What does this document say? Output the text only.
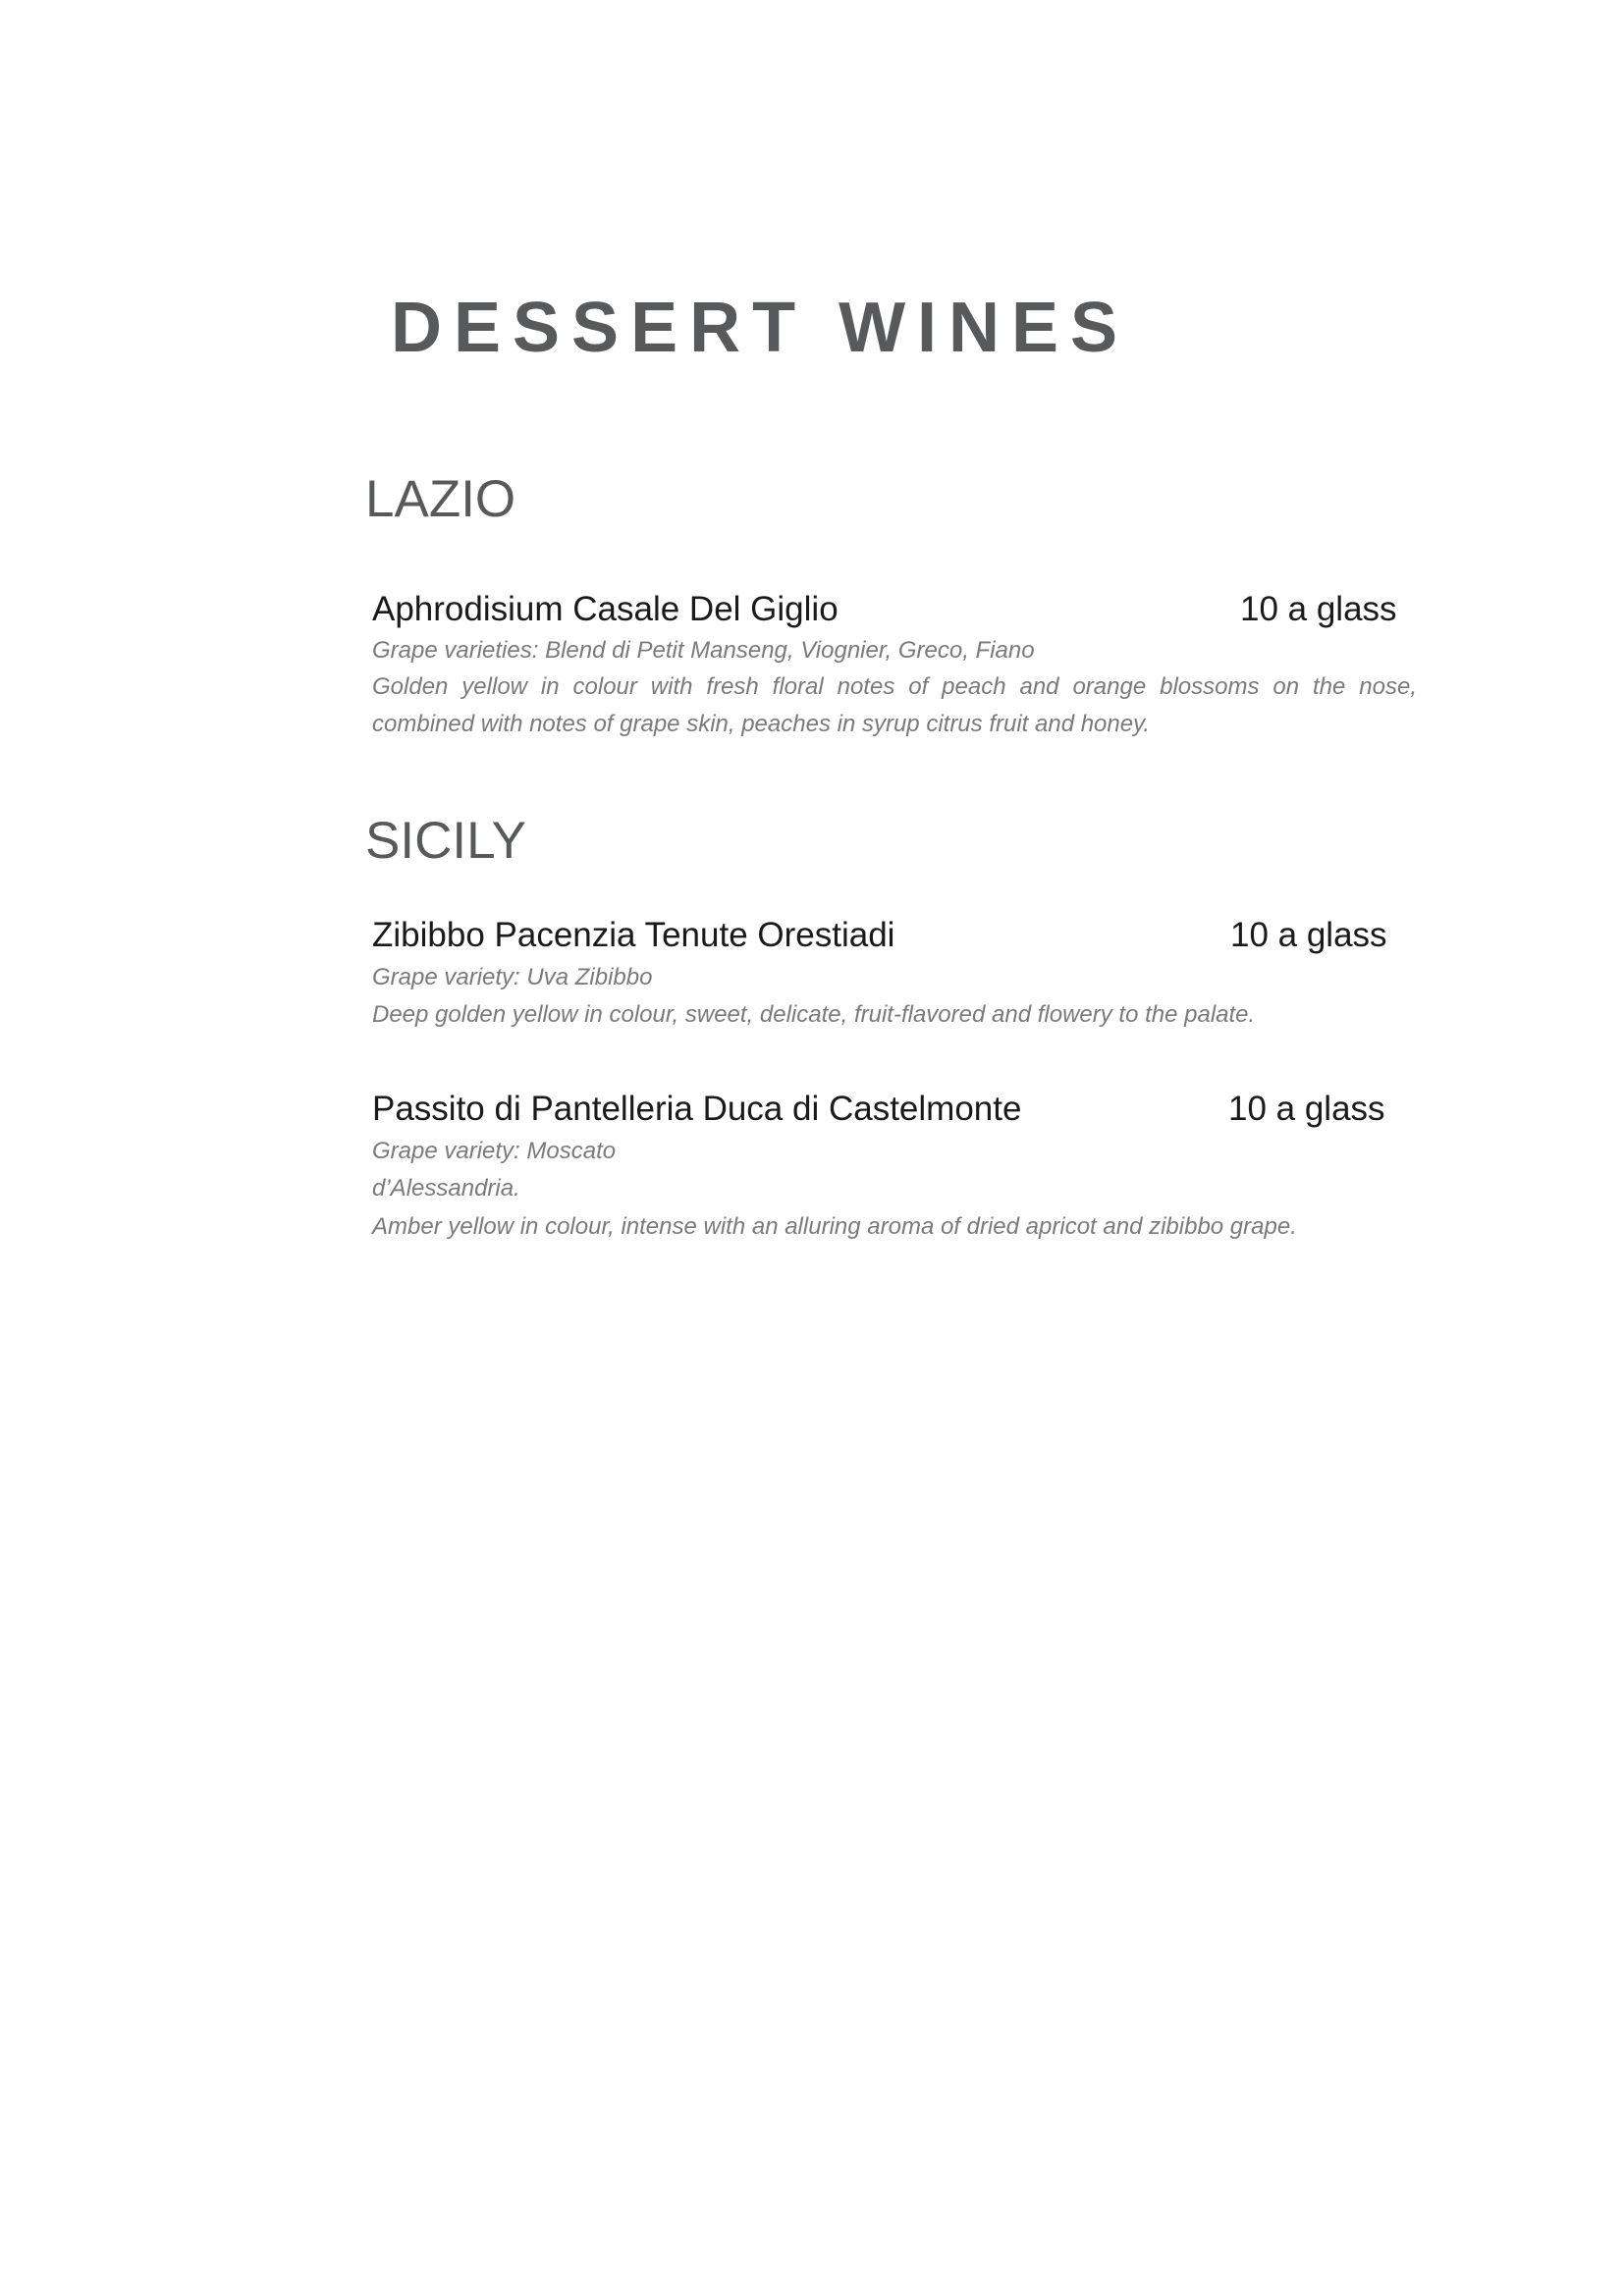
DESSERT WINES
LAZIO
Aphrodisium Casale Del Giglio	10 a glass
Grape varieties: Blend di Petit Manseng, Viognier, Greco, Fiano
Golden yellow in colour with fresh floral notes of peach and orange blossoms on the nose,
combined with notes of grape skin, peaches in syrup citrus fruit and honey.
SICILY
Zibibbo Pacenzia Tenute Orestiadi	10 a glass
Grape variety: Uva Zibibbo
Deep golden yellow in colour, sweet, delicate, fruit-flavored and flowery to the palate.
Passito di Pantelleria Duca di Castelmonte	10 a glass
Grape variety: Moscato
d’Alessandria.
Amber yellow in colour, intense with an alluring aroma of dried apricot and zibibbo grape.
